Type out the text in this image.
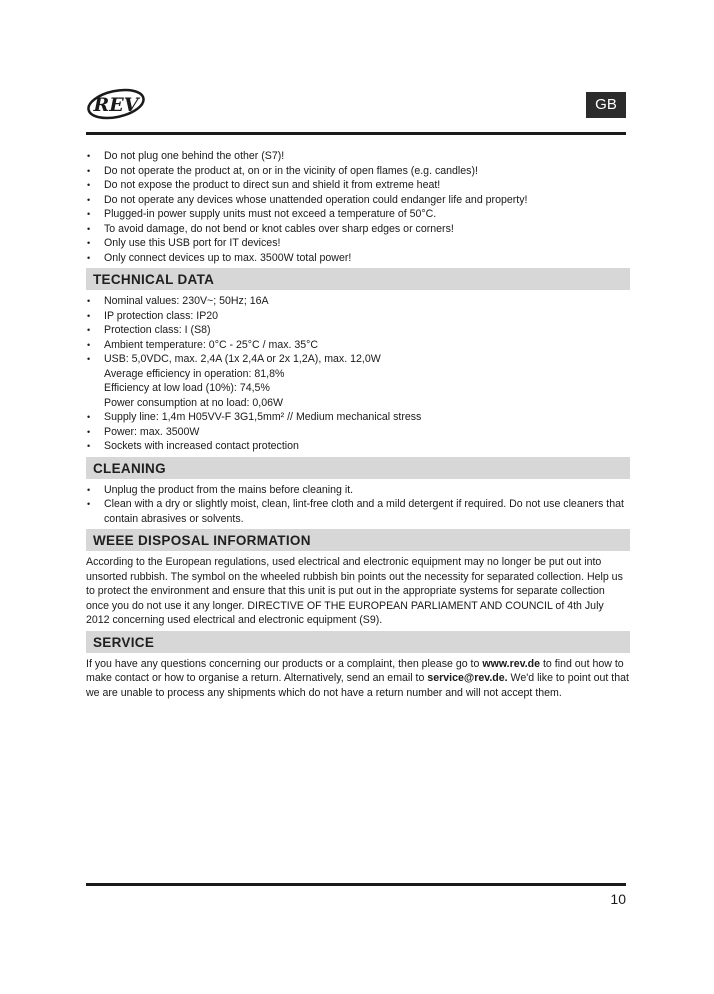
REV	GB
• Do not plug one behind the other (S7)!
• Do not operate the product at, on or in the vicinity of open flames (e.g. candles)!
• Do not expose the product to direct sun and shield it from extreme heat!
• Do not operate any devices whose unattended operation could endanger life and property!
• Plugged-in power supply units must not exceed a temperature of 50°C.
• To avoid damage, do not bend or knot cables over sharp edges or corners!
• Only use this USB port for IT devices!
• Only connect devices up to max. 3500W total power!
TECHNICAL DATA
• Nominal values: 230V~; 50Hz; 16A
• IP protection class: IP20
• Protection class: I (S8)
• Ambient temperature: 0°C - 25°C / max. 35°C
• USB: 5,0VDC, max. 2,4A (1x 2,4A or 2x 1,2A), max. 12,0W
Average efficiency in operation: 81,8%
Efficiency at low load (10%): 74,5%
Power consumption at no load: 0,06W
• Supply line: 1,4m H05VV-F 3G1,5mm² // Medium mechanical stress
• Power: max. 3500W
• Sockets with increased contact protection
CLEANING
• Unplug the product from the mains before cleaning it.
• Clean with a dry or slightly moist, clean, lint-free cloth and a mild detergent if required. Do not use cleaners that contain abrasives or solvents.
WEEE DISPOSAL INFORMATION

According to the European regulations, used electrical and electronic equipment may no longer be put out into unsorted rubbish. The symbol on the wheeled rubbish bin points out the necessity for separated collection. Help us to protect the environment and ensure that this unit is put out in the appropriate systems for separate collection once you do not use it any longer. DIRECTIVE OF THE EUROPEAN PARLIAMENT AND COUNCIL of 4th July 2012 concerning used electrical and electronic equipment (S9).

SERVICE

If you have any questions concerning our products or a complaint, then please go to www.rev.de to find out how to make contact or how to organise a return. Alternatively, send an email to service@rev.de. We'd like to point out that we are unable to process any shipments which do not have a return number and will not accept them.

10
